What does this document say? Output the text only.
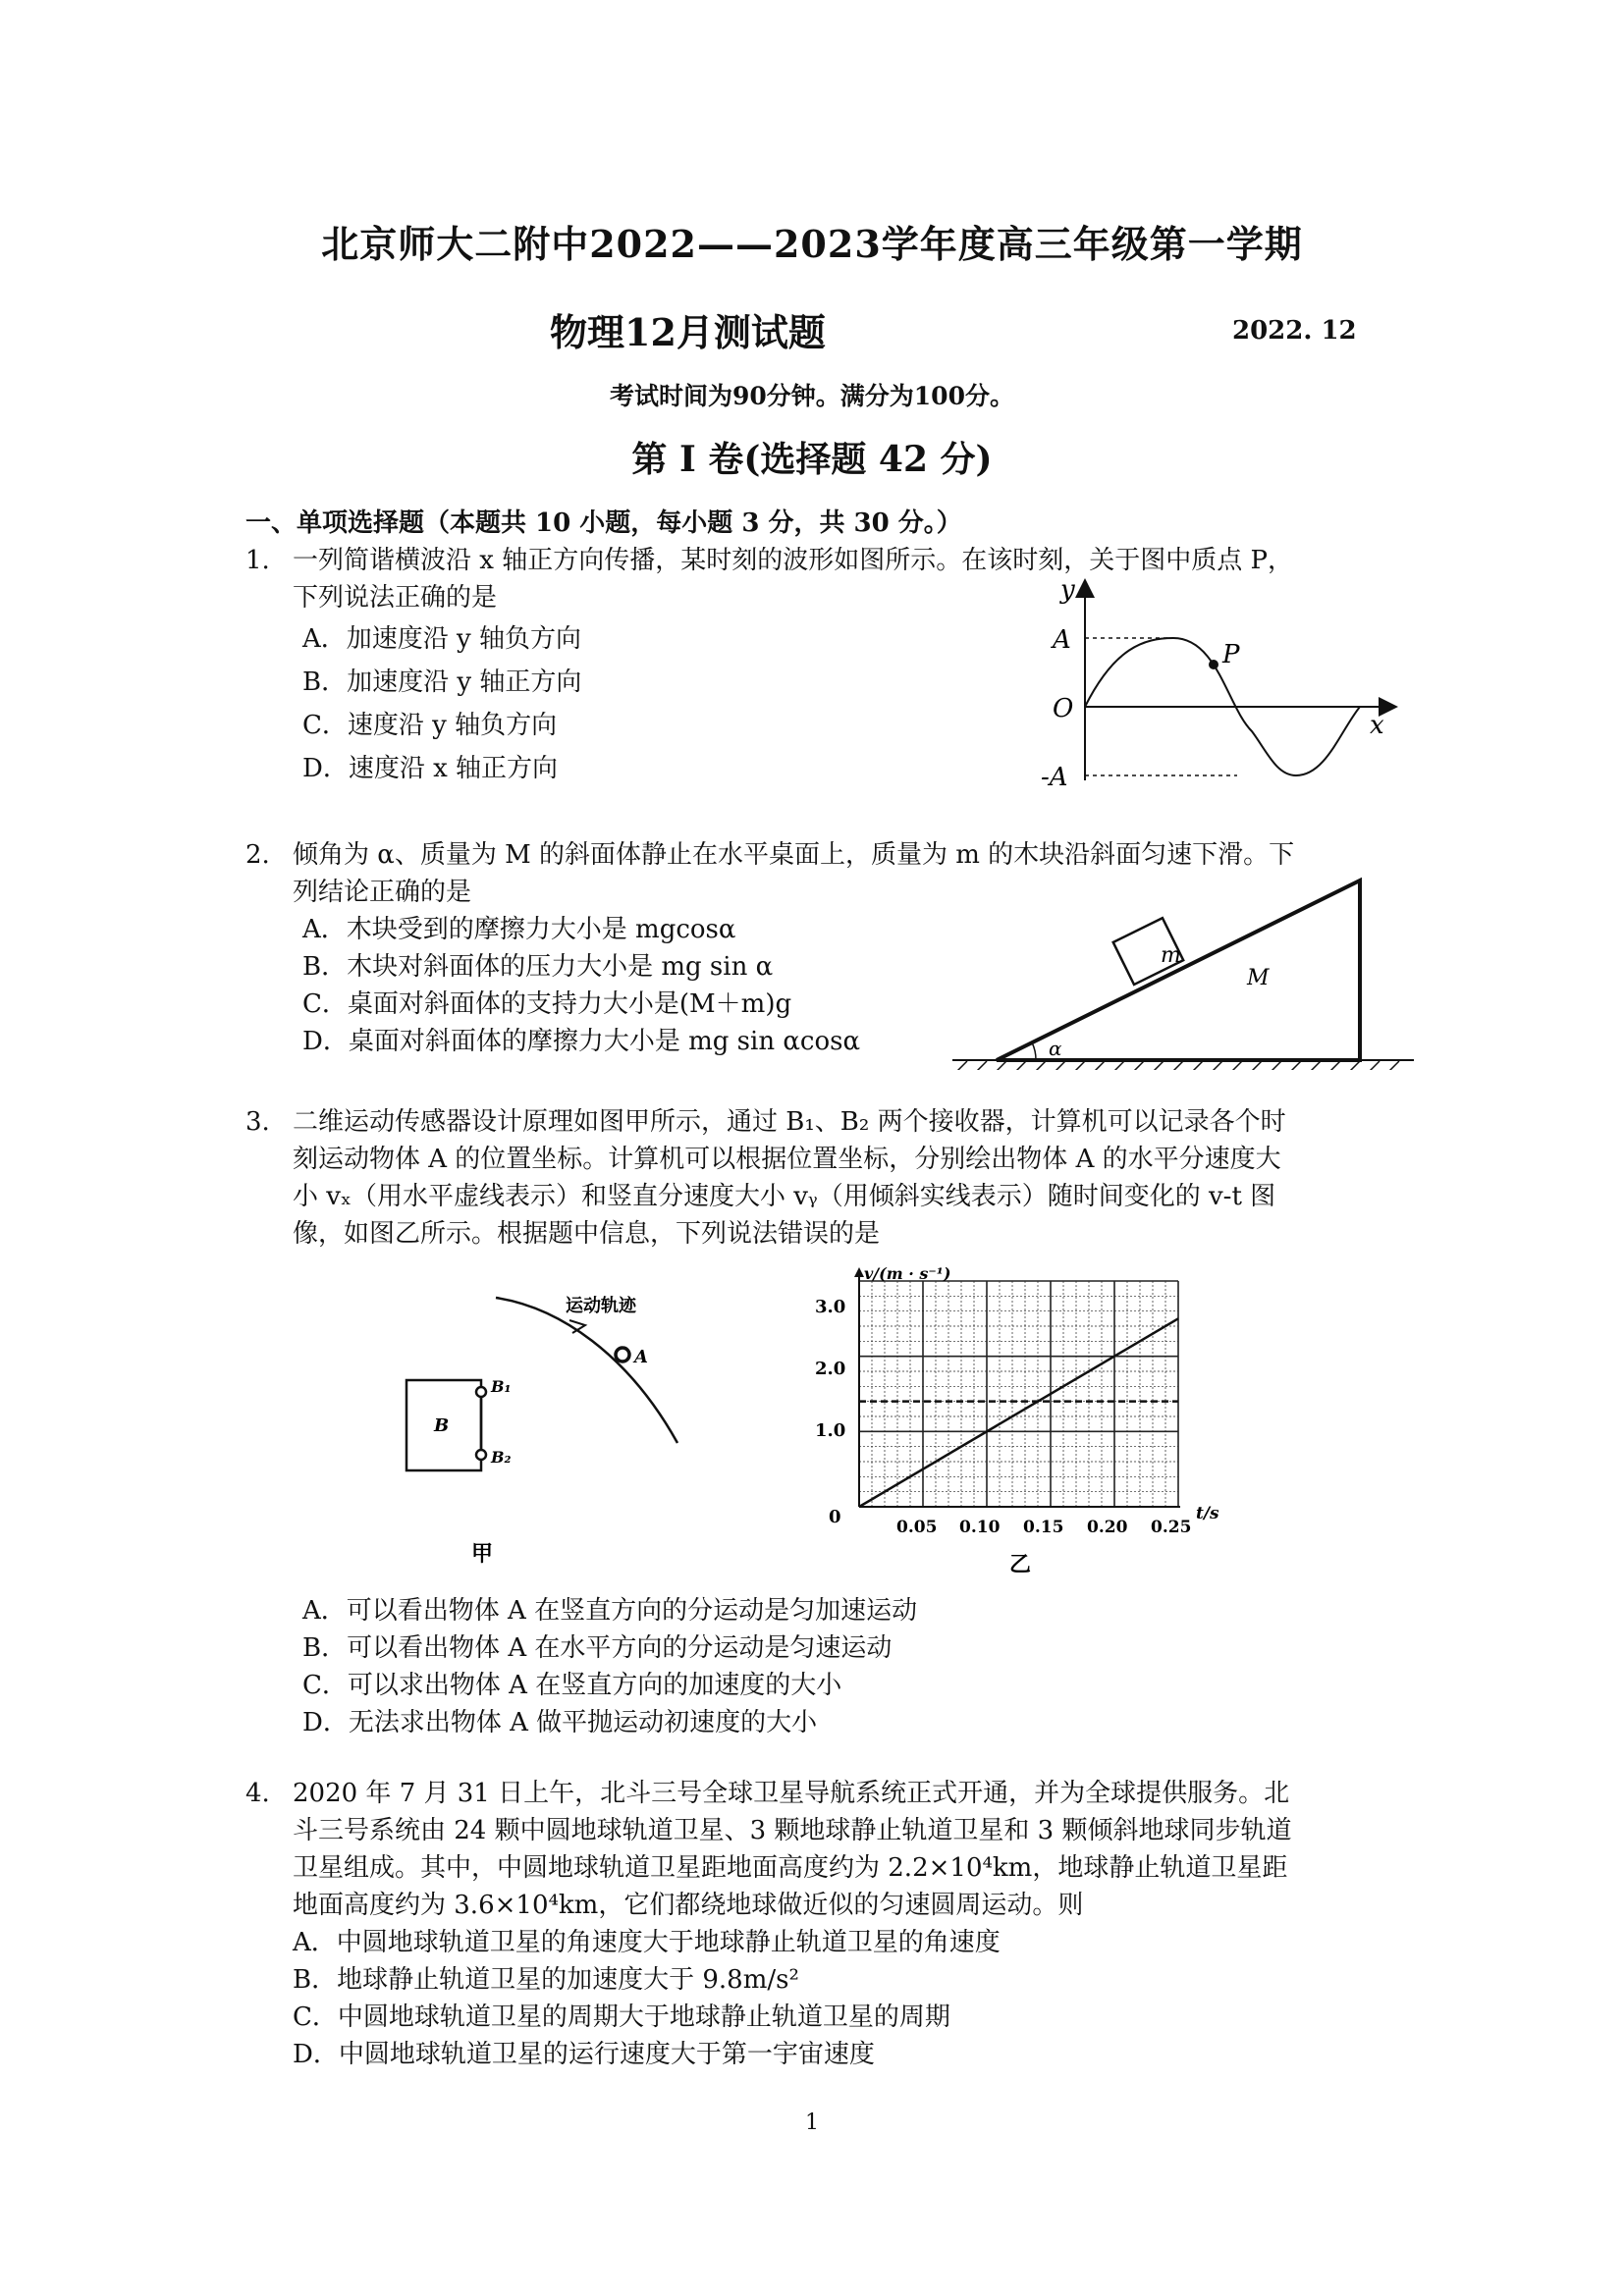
北京师大二附中2022——2023学年度高三年级第一学期
物理12月测试题	2022. 12
考试时间为90分钟。满分为100分。
第 I 卷(选择题 42 分)
一、单项选择题（本题共 10 小题，每小题 3 分，共 30 分。）
1. 一列简谐横波沿 x 轴正方向传播，某时刻的波形如图所示。在该时刻，关于图中质点 P，
下列说法正确的是
A．加速度沿 y 轴负方向
B．加速度沿 y 轴正方向
C．速度沿 y 轴负方向
D．速度沿 x 轴正方向
y
x
A
O
-A
P
2. 倾角为 α、质量为 M 的斜面体静止在水平桌面上，质量为 m 的木块沿斜面匀速下滑。下
列结论正确的是
A．木块受到的摩擦力大小是 mgcosα
B．木块对斜面体的压力大小是 mg sin α
C．桌面对斜面体的支持力大小是(M＋m)g
D．桌面对斜面体的摩擦力大小是 mg sin αcosα
m
M
α
3. 二维运动传感器设计原理如图甲所示，通过 B₁、B₂ 两个接收器，计算机可以记录各个时
刻运动物体 A 的位置坐标。计算机可以根据位置坐标，分别绘出物体 A 的水平分速度大
小 vₓ（用水平虚线表示）和竖直分速度大小 vᵧ（用倾斜实线表示）随时间变化的 v-t 图
像，如图乙所示。根据题中信息，下列说法错误的是
运动轨迹
A
B
B₁
B₂
甲
v/(m · s⁻¹)
t/s
3.0
2.0
1.0
0	0.05 0.10 0.15 0.20 0.25
乙
A．可以看出物体 A 在竖直方向的分运动是匀加速运动
B．可以看出物体 A 在水平方向的分运动是匀速运动
C．可以求出物体 A 在竖直方向的加速度的大小
D．无法求出物体 A 做平抛运动初速度的大小
4. 2020 年 7 月 31 日上午，北斗三号全球卫星导航系统正式开通，并为全球提供服务。北
斗三号系统由 24 颗中圆地球轨道卫星、3 颗地球静止轨道卫星和 3 颗倾斜地球同步轨道
卫星组成。其中，中圆地球轨道卫星距地面高度约为 2.2×10⁴km，地球静止轨道卫星距
地面高度约为 3.6×10⁴km，它们都绕地球做近似的匀速圆周运动。则
A．中圆地球轨道卫星的角速度大于地球静止轨道卫星的角速度
B．地球静止轨道卫星的加速度大于 9.8m/s²
C．中圆地球轨道卫星的周期大于地球静止轨道卫星的周期
D．中圆地球轨道卫星的运行速度大于第一宇宙速度
1
